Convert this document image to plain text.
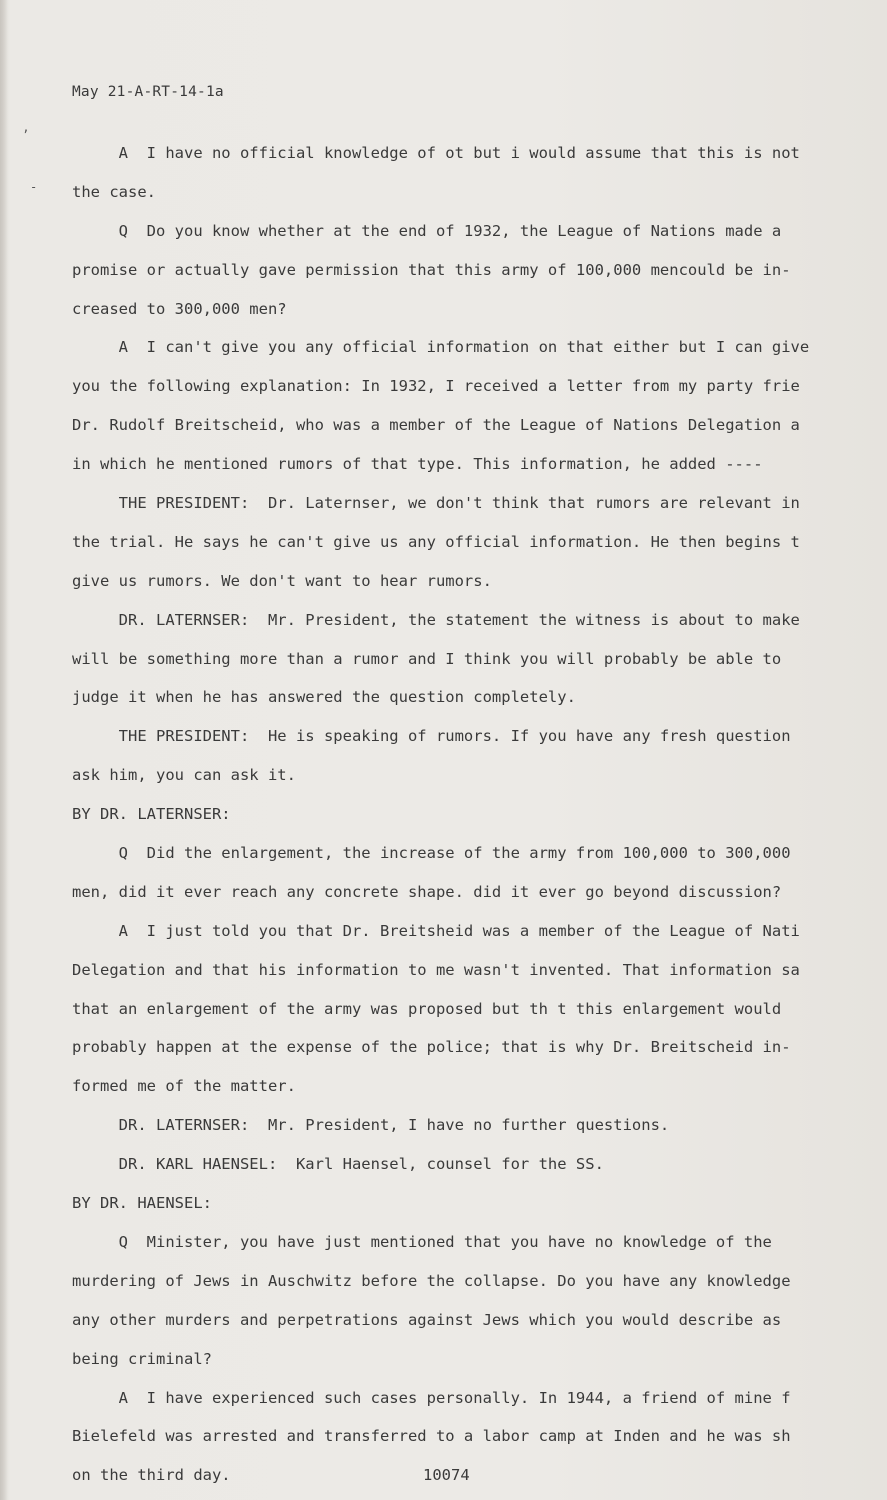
’
-
May 21-A-RT-14-1a
A  I have no official knowledge of ot but i would assume that this is not
the case.
Q  Do you know whether at the end of 1932, the League of Nations made a
promise or actually gave permission that this army of 100,000 mencould be in-
creased to 300,000 men?
A  I can't give you any official information on that either but I can give
you the following explanation: In 1932, I received a letter from my party frie
Dr. Rudolf Breitscheid, who was a member of the League of Nations Delegation a
in which he mentioned rumors of that type. This information, he added ----
THE PRESIDENT:  Dr. Laternser, we don't think that rumors are relevant in
the trial. He says he can't give us any official information. He then begins t
give us rumors. We don't want to hear rumors.
DR. LATERNSER:  Mr. President, the statement the witness is about to make
will be something more than a rumor and I think you will probably be able to
judge it when he has answered the question completely.
THE PRESIDENT:  He is speaking of rumors. If you have any fresh question
ask him, you can ask it.
BY DR. LATERNSER:
Q  Did the enlargement, the increase of the army from 100,000 to 300,000
men, did it ever reach any concrete shape. did it ever go beyond discussion?
A  I just told you that Dr. Breitsheid was a member of the League of Nati
Delegation and that his information to me wasn't invented. That information sa
that an enlargement of the army was proposed but th t this enlargement would
probably happen at the expense of the police; that is why Dr. Breitscheid in-
formed me of the matter.
DR. LATERNSER:  Mr. President, I have no further questions.
DR. KARL HAENSEL:  Karl Haensel, counsel for the SS.
BY DR. HAENSEL:
Q  Minister, you have just mentioned that you have no knowledge of the
murdering of Jews in Auschwitz before the collapse. Do you have any knowledge
any other murders and perpetrations against Jews which you would describe as
being criminal?
A  I have experienced such cases personally. In 1944, a friend of mine f
Bielefeld was arrested and transferred to a labor camp at Inden and he was sh
on the third day.	10074
